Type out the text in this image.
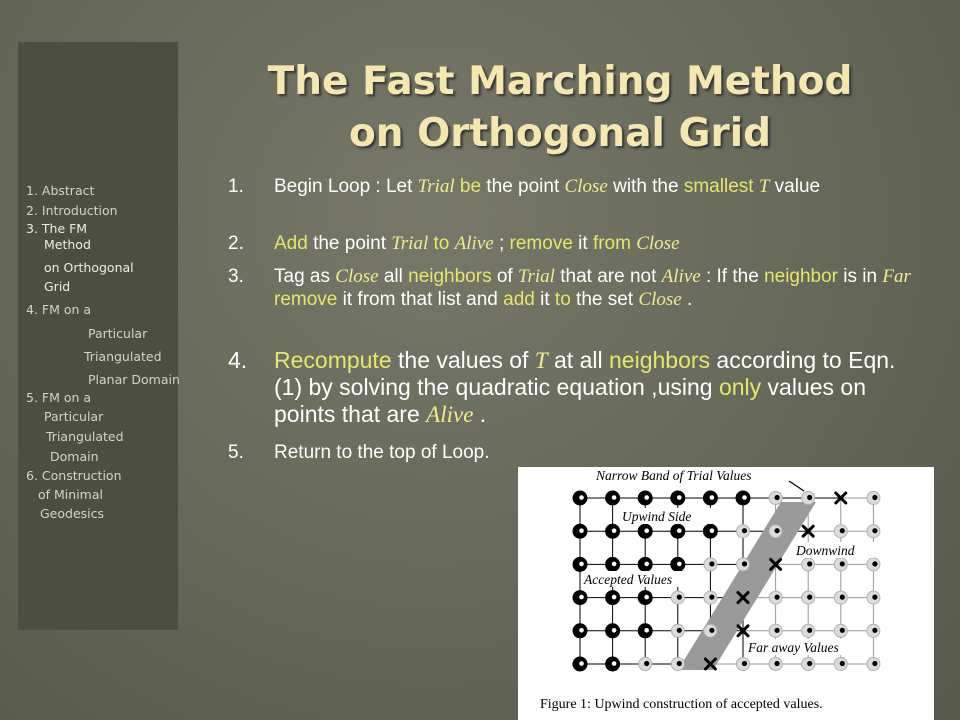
1. Abstract

2. Introduction

3. The FM

Method

on Orthogonal

Grid

4. FM on a

Particular

Triangulated

Planar Domain

5. FM on a

Particular

Triangulated

Domain

6. Construction

of Minimal

Geodesics

The Fast Marching Method
on Orthogonal Grid
1. Begin Loop : Let Trial be the point Close with the smallest T value
2. Add the point Trial to Alive ; remove it from Close
3. Tag as Close all neighbors of Trial that are not Alive : If the neighbor is in Far remove it from that list and add it to the set Close .
4. Recompute the values of T at all neighbors according to Eqn.(1) by solving the quadratic equation ,using only values on points that are Alive .
5. Return to the top of Loop.
Narrow Band of Trial Values
Upwind Side
Downwind
Accepted Values
Far away Values
Figure 1: Upwind construction of accepted values.
